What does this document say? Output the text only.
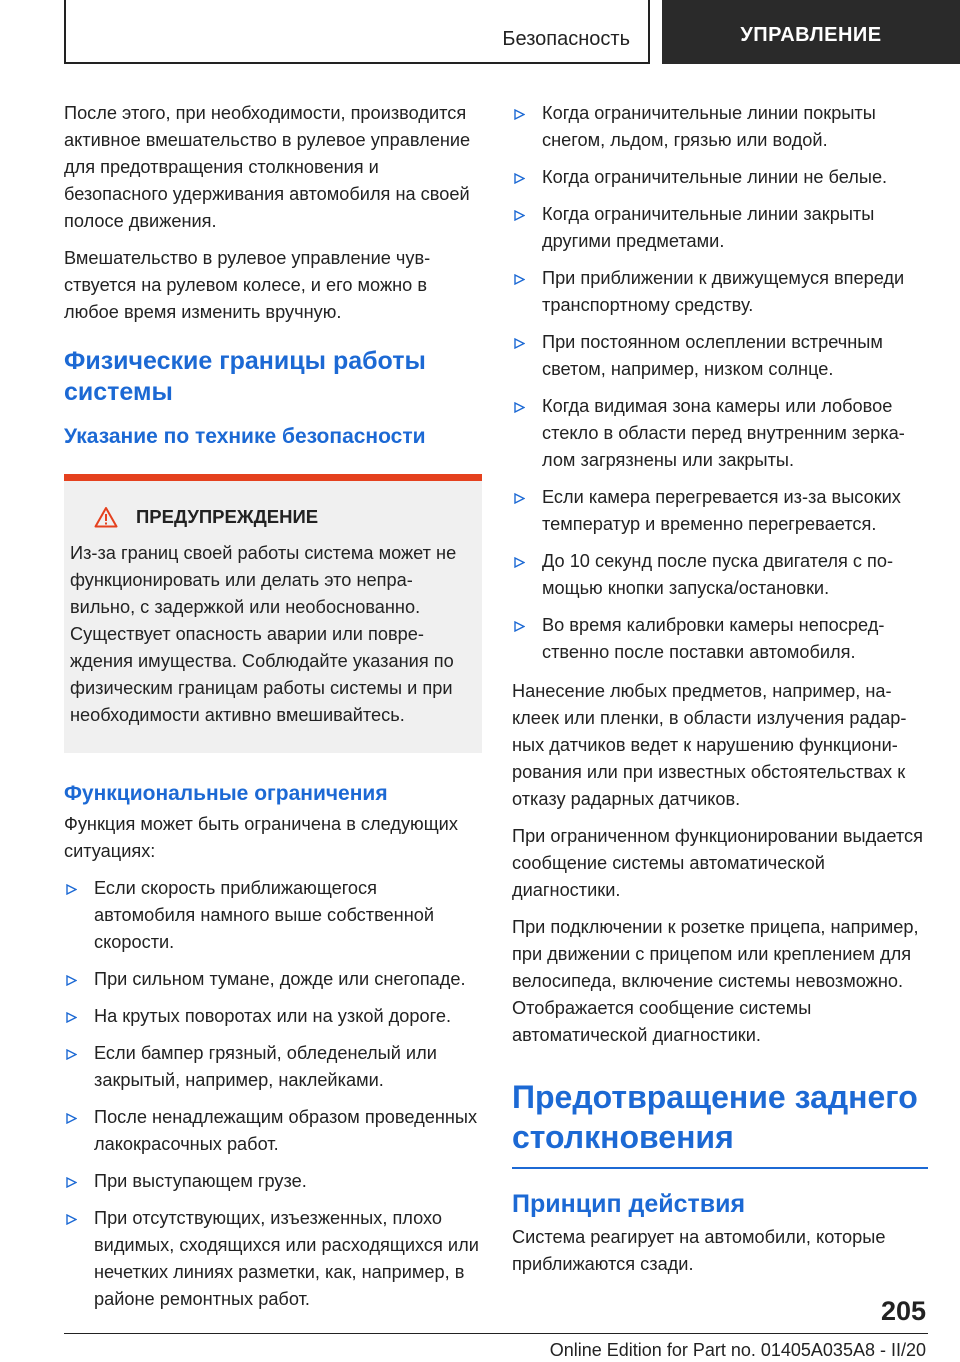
Безопасность	УПРАВЛЕНИЕ

После этого, при необходимости, производится активное вмешательство в рулевое управление для предотвращения столкновения и безопасного удерживания автомобиля на своей полосе движения.

Вмешательство в рулевое управление чувствуется на рулевом колесе, и его можно в любое время изменить вручную.

Физические границы работы системы
Указание по технике безопасности
ПРЕДУПРЕЖДЕНИЕ

Из-за границ своей работы система может не функционировать или делать это неправильно, с задержкой или необоснованно. Существует опасность аварии или повреждения имущества. Соблюдайте указания по физическим границам работы системы и при необходимости активно вмешивайтесь.

Функциональные ограничения

Функция может быть ограничена в следующих ситуациях:

Если скорость приближающегося автомобиля намного выше собственной скорости.
При сильном тумане, дожде или снегопаде.
На крутых поворотах или на узкой дороге.
Если бампер грязный, обледенелый или закрытый, например, наклейками.
После ненадлежащим образом проведенных лакокрасочных работ.
При выступающем грузе.
При отсутствующих, изъезженных, плохо видимых, сходящихся или расходящихся или нечетких линиях разметки, как, например, в районе ремонтных работ.
Когда ограничительные линии покрыты снегом, льдом, грязью или водой.
Когда ограничительные линии не белые.
Когда ограничительные линии закрыты другими предметами.
При приближении к движущемуся впереди транспортному средству.
При постоянном ослеплении встречным светом, например, низком солнце.
Когда видимая зона камеры или лобовое стекло в области перед внутренним зеркалом загрязнены или закрыты.
Если камера перегревается из-за высоких температур и временно перегревается.
До 10 секунд после пуска двигателя с помощью кнопки запуска/остановки.
Во время калибровки камеры непосредственно после поставки автомобиля.

Нанесение любых предметов, например, наклеек или пленки, в области излучения радарных датчиков ведет к нарушению функционирования или при известных обстоятельствах к отказу радарных датчиков.

При ограниченном функционировании выдается сообщение системы автоматической диагностики.

При подключении к розетке прицепа, например, при движении с прицепом или креплением для велосипеда, включение системы невозможно. Отображается сообщение системы автоматической диагностики.

Предотвращение заднего столкновения
Принцип действия

Система реагирует на автомобили, которые приближаются сзади.

205
Online Edition for Part no. 01405A035A8 - II/20
